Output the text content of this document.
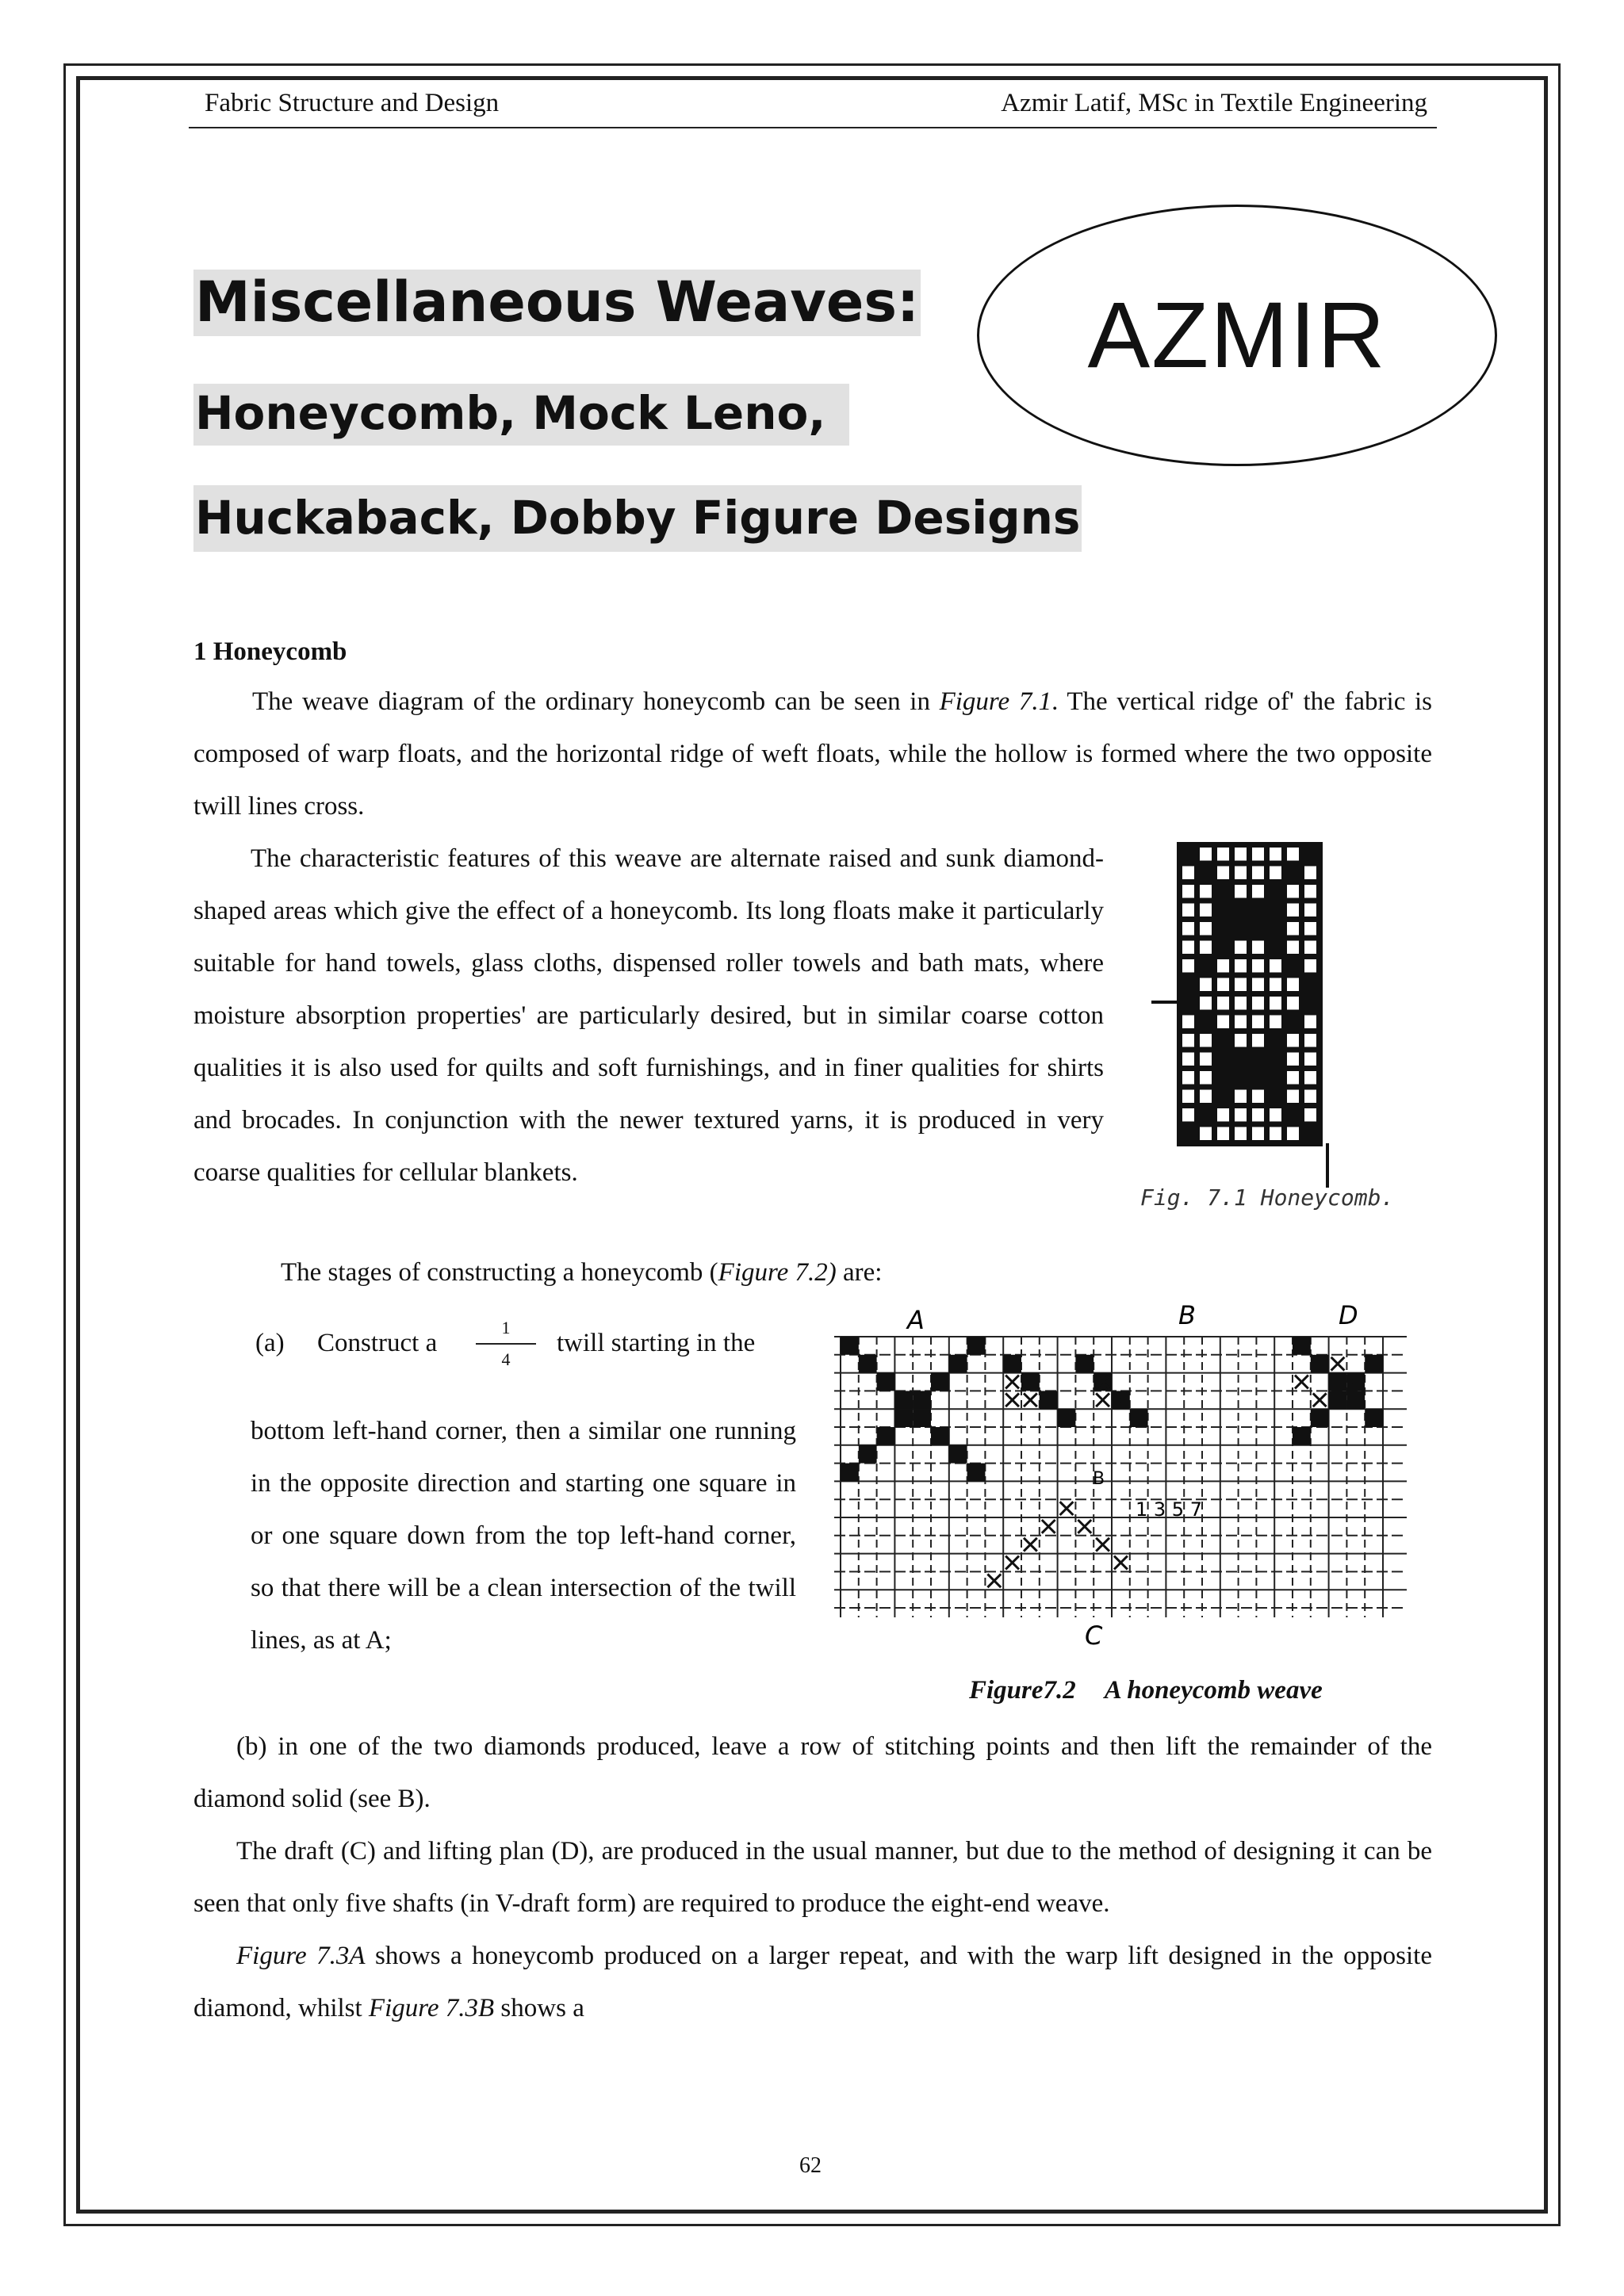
Fabric Structure and Design	Azmir Latif, MSc in Textile Engineering
Miscellaneous Weaves:
Honeycomb, Mock Leno,
Huckaback, Dobby Figure Designs
AZMIR
1 Honeycomb

The weave diagram of the ordinary honeycomb can be seen in Figure 7.1. The vertical ridge of' the fabric is composed of warp floats, and the horizontal ridge of weft floats, while the hollow is formed where the two opposite twill lines cross.

The characteristic features of this weave are alternate raised and sunk diamond-shaped areas which give the effect of a honeycomb. Its long floats make it particularly suitable for hand towels, glass cloths, dispensed roller towels and bath mats, where moisture absorption properties' are particularly desired, but in similar coarse cotton qualities it is also used for quilts and soft furnishings, and in finer qualities for shirts and brocades. In conjunction with the newer textured yarns, it is produced in very coarse qualities for cellular blankets.

Fig. 7.1 Honeycomb.

The stages of constructing a honeycomb (Figure 7.2) are:

(a) Construct a
1
4
twill starting in the

bottom left-hand corner, then a similar one running in the opposite direction and starting one square in or one square down from the top left-hand corner, so that there will be a clean intersection of the twill lines, as at A;

A	B	D
C
B
1 3 5 7
Figure7.2 A honeycomb weave

(b) in one of the two diamonds produced, leave a row of stitching points and then lift the remainder of the diamond solid (see B).

The draft (C) and lifting plan (D), are produced in the usual manner, but due to the method of designing it can be seen that only five shafts (in V-draft form) are required to produce the eight-end weave.

Figure 7.3A shows a honeycomb produced on a larger repeat, and with the warp lift designed in the opposite diamond, whilst Figure 7.3B shows a

62
